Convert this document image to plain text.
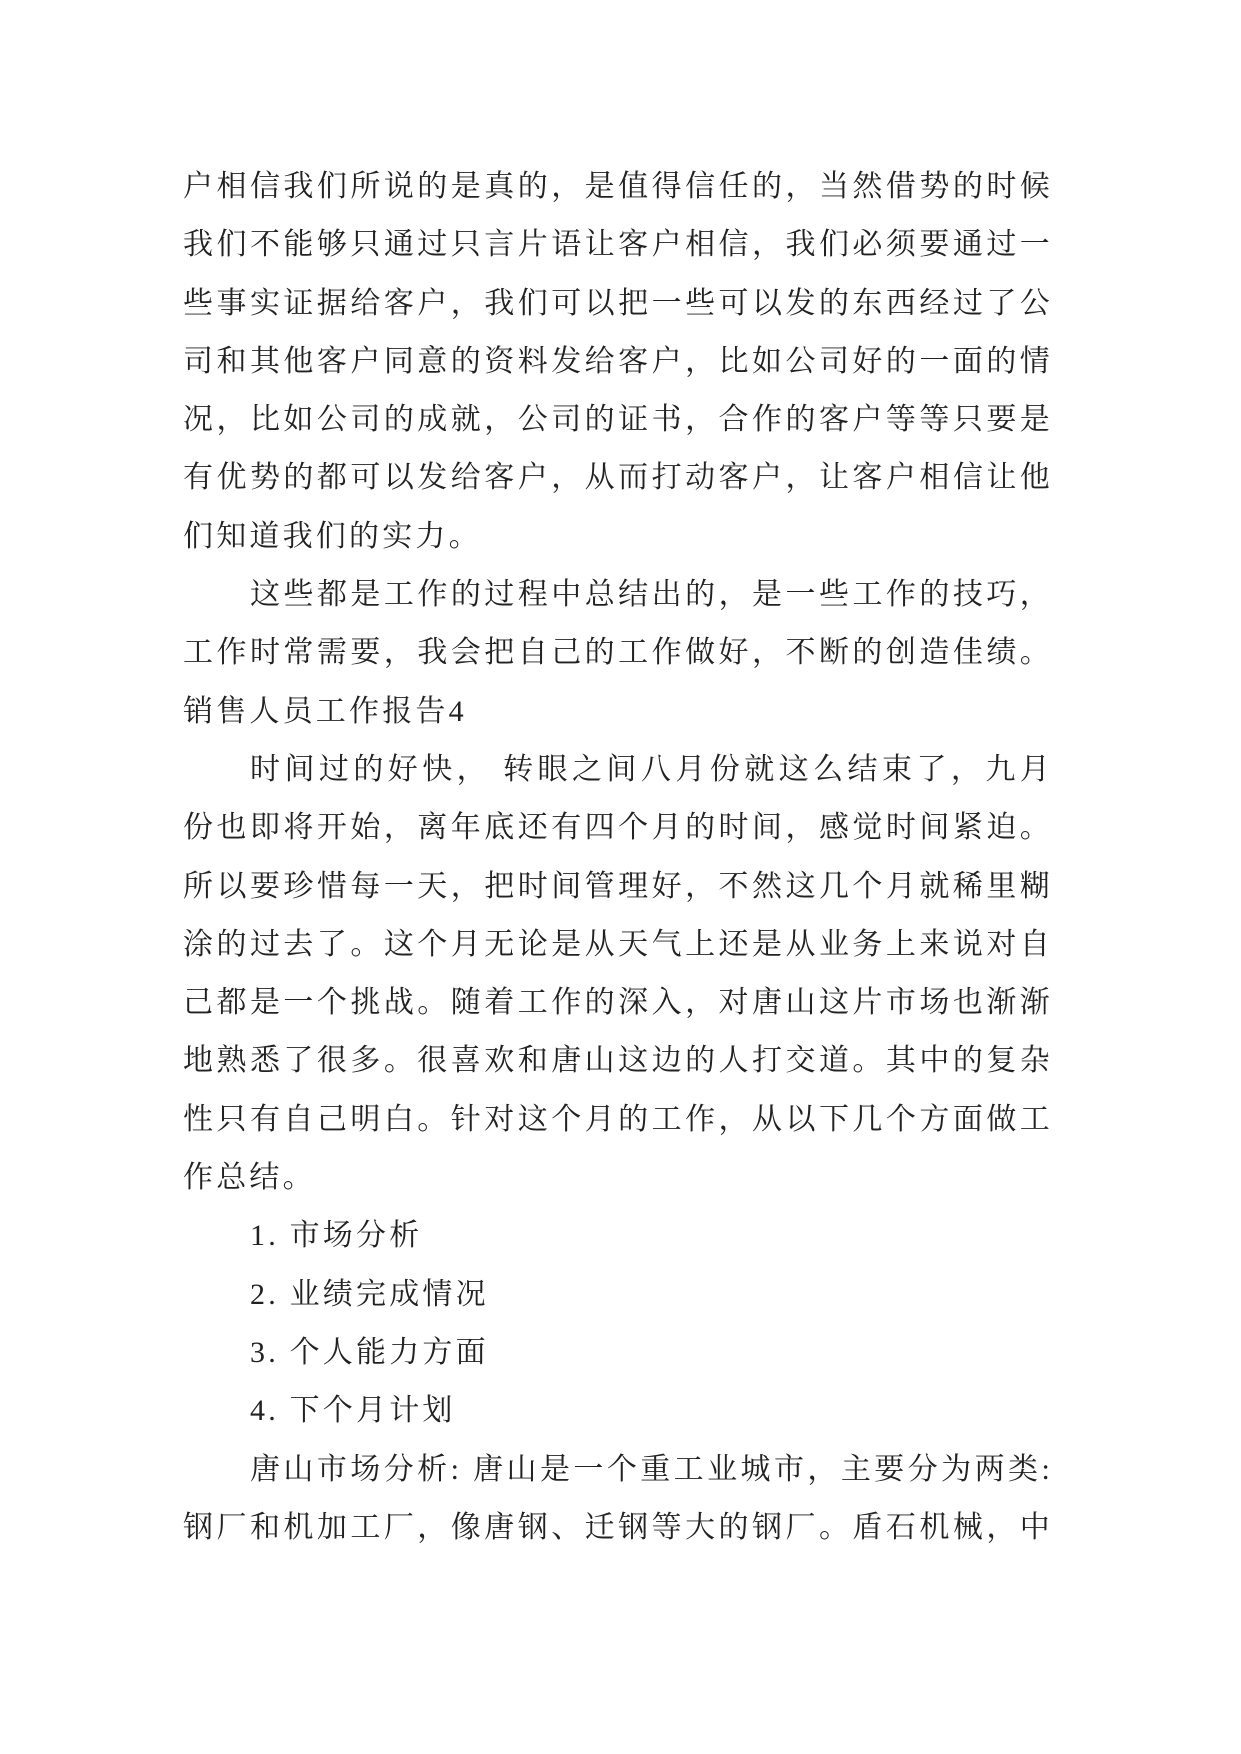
户相信我们所说的是真的，是值得信任的，当然借势的时候
我们不能够只通过只言片语让客户相信，我们必须要通过一
些事实证据给客户，我们可以把一些可以发的东西经过了公
司和其他客户同意的资料发给客户，比如公司好的一面的情
况，比如公司的成就，公司的证书，合作的客户等等只要是
有优势的都可以发给客户，从而打动客户，让客户相信让他
们知道我们的实力。
这些都是工作的过程中总结出的，是一些工作的技巧，
工作时常需要，我会把自己的工作做好，不断的创造佳绩。
销售人员工作报告4
时间过的好快， 转眼之间八月份就这么结束了，九月
份也即将开始，离年底还有四个月的时间，感觉时间紧迫。
所以要珍惜每一天，把时间管理好，不然这几个月就稀里糊
涂的过去了。这个月无论是从天气上还是从业务上来说对自
己都是一个挑战。随着工作的深入，对唐山这片市场也渐渐
地熟悉了很多。很喜欢和唐山这边的人打交道。其中的复杂
性只有自己明白。针对这个月的工作，从以下几个方面做工
作总结。
1. 市场分析
2. 业绩完成情况
3. 个人能力方面
4. 下个月计划
唐山市场分析: 唐山是一个重工业城市，主要分为两类:
钢厂和机加工厂，像唐钢、迁钢等大的钢厂。盾石机械，中
